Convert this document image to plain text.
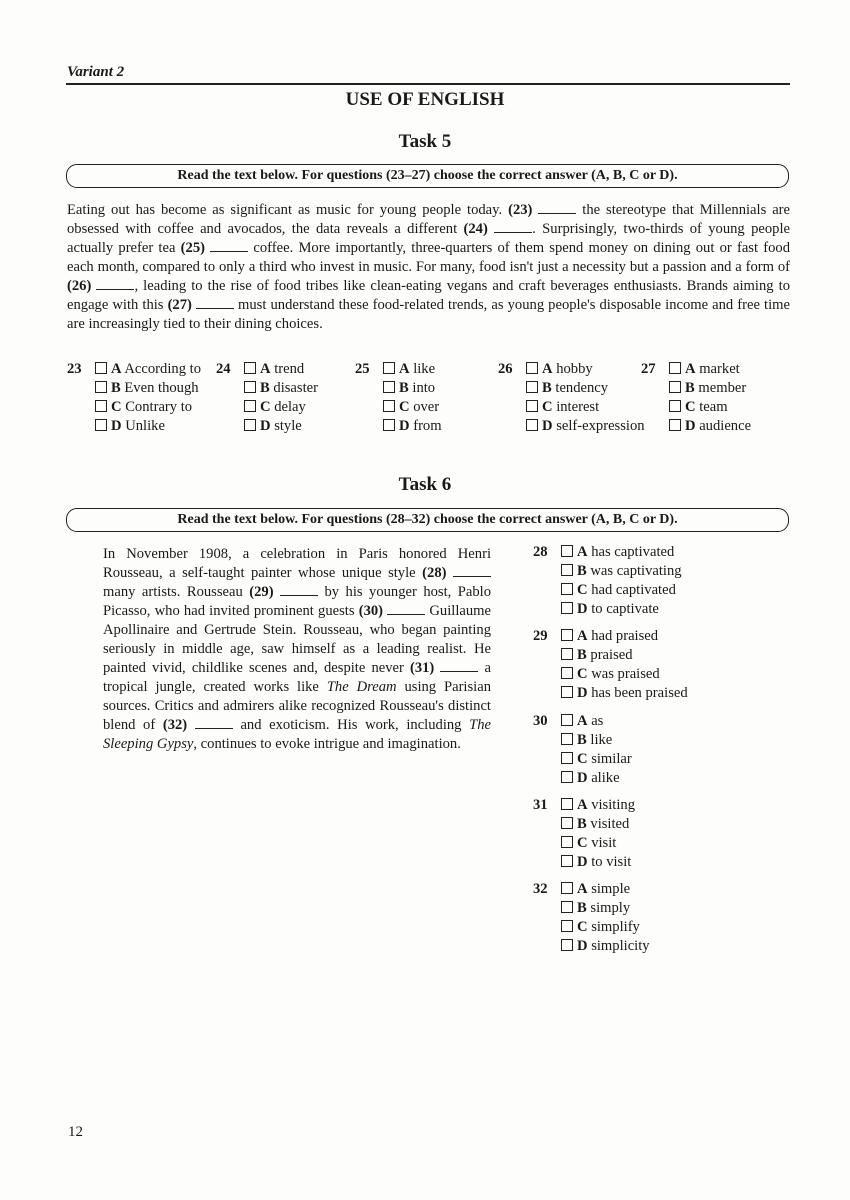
Variant 2
USE OF ENGLISH
Task 5
Read the text below. For questions (23–27) choose the correct answer (A, B, C or D).

Eating out has become as significant as music for young people today. (23)	the stereotype that Millennials are obsessed with coffee and avocados, the data reveals a different (24)	. Surprisingly, two-thirds of young people actually prefer tea (25)	coffee. More importantly, three-quarters of them spend money on dining out or fast food each month, compared to only a third who invest in music. For many, food isn't just a necessity but a passion and a form of (26)	, leading to the rise of food tribes like clean-eating vegans and craft beverages enthusiasts. Brands aiming to engage with this (27)	must understand these food-related trends, as young people's disposable income and free time are increasingly tied to their dining choices.

23 A According to
B Even though
C Contrary to
D Unlike
24 A trend
B disaster
C delay
D style
25 A like
B into
C over
D from
26 A hobby
B tendency
C interest
D self-expression
27 A market
B member
C team
D audience
Task 6
Read the text below. For questions (28–32) choose the correct answer (A, B, C or D).

In November 1908, a celebration in Paris honored Henri Rousseau, a self-taught painter whose unique style (28)  many artists. Rousseau (29)	by his younger host, Pablo Picasso, who had invited prominent guests (30)	Guillaume Apollinaire and Gertrude Stein. Rousseau, who began painting seriously in middle age, saw himself as a leading realist. He painted vivid, childlike scenes and, despite never (31)	a tropical jungle, created works like The Dream using Parisian sources. Critics and admirers alike recognized Rousseau's distinct blend of (32)	and exoticism. His work, including The Sleeping Gypsy, continues to evoke intrigue and imagination.

28 A has captivated
B was captivating
C had captivated
D to captivate
29 A had praised
B praised
C was praised
D has been praised
30 A as
B like
C similar
D alike
31 A visiting
B visited
C visit
D to visit
32 A simple
B simply
C simplify
D simplicity
12
